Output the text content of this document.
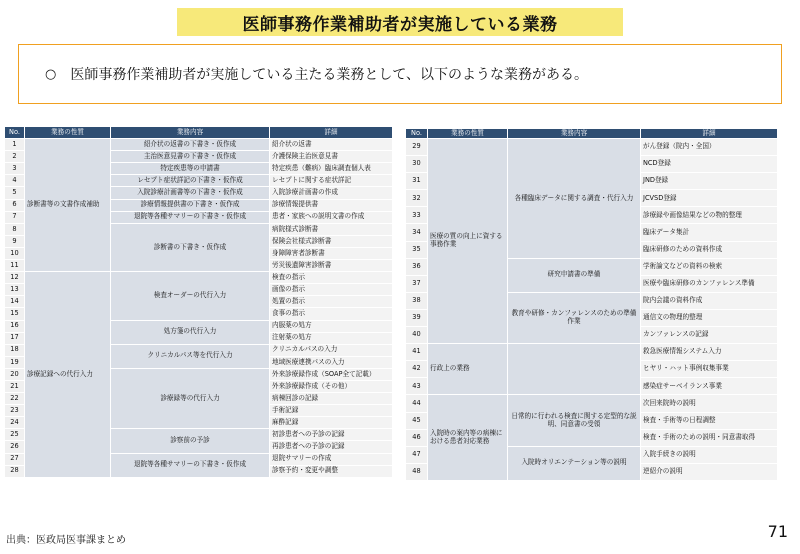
医師事務作業補助者が実施している業務
○ 医師事務作業補助者が実施している主たる業務として、以下のような業務がある。
No.	業務の性質	業務内容	詳細
1	診断書等の文書作成補助	紹介状の返書の下書き・仮作成	紹介状の返書
2		主治医意見書の下書き・仮作成	介護保険主治医意見書
3		特定疾患等の申請書	特定疾患（難病）臨床調査個人表
4		レセプト症状詳記の下書き・仮作成	レセプトに関する症状詳記
5		入院診療計画書等の下書き・仮作成	入院診療計画書の作成
6		診療情報提供書の下書き・仮作成	診療情報提供書
7		退院等各種サマリーの下書き・仮作成	患者・家族への説明文書の作成
8		診断書の下書き・仮作成	病院様式診断書
9			保険会社様式診断書
10			身障障害者診断書
11			労災後遺障害診断書
12	診療記録への代行入力	検査オーダーの代行入力	検査の指示
13			画像の指示
14			処置の指示
15			食事の指示
16		処方箋の代行入力	内服薬の処方
17			注射薬の処方
18		クリニカルパス等を代行入力	クリニカルパスの入力
19			地域医療連携パスの入力
20		診療録等の代行入力	外来診療録作成（SOAP全て記載）
21			外来診療録作成（その他）
22			病棟回診の記録
23			手術記録
24			麻酔記録
25		診察前の予診	初診患者への予診の記録
26			再診患者への予診の記録
27		退院等各種サマリーの下書き・仮作成	退院サマリーの作成
28			診察予約・変更や調整
No.	業務の性質	業務内容	詳細
29	医療の質の向上に資する事務作業	各種臨床データに関する調査・代行入力	がん登録（院内・全国）
30			NCD登録
31			JND登録
32			JCVSD登録
33			診療録や画像結果などの物的整理
34			臨床データ集計
35			臨床研修のための資料作成
36		研究申請書の準備	学術論文などの資料の検索
37			医療や臨床研修のカンファレンス準備
38		教育や研修・カンファレンスのための準備作業	院内会議の資料作成
39			通信文の物理的整理
40			カンファレンスの記録
41	行政上の業務		救急医療情報システム入力
42			ヒヤリ・ハット事例収集事業
43			感染症サーベイランス事業
44	入院時の案内等の病棟における患者対応業務	日常的に行われる検査に関する定型的な説明、同意書の受領	次回来院時の説明
45			検査・手術等の日程調整
46			検査・手術のための説明・同意書取得
47		入院時オリエンテーション等の説明	入院手続きの説明
48			逆紹介の説明
出典：医政局医事課まとめ	71
